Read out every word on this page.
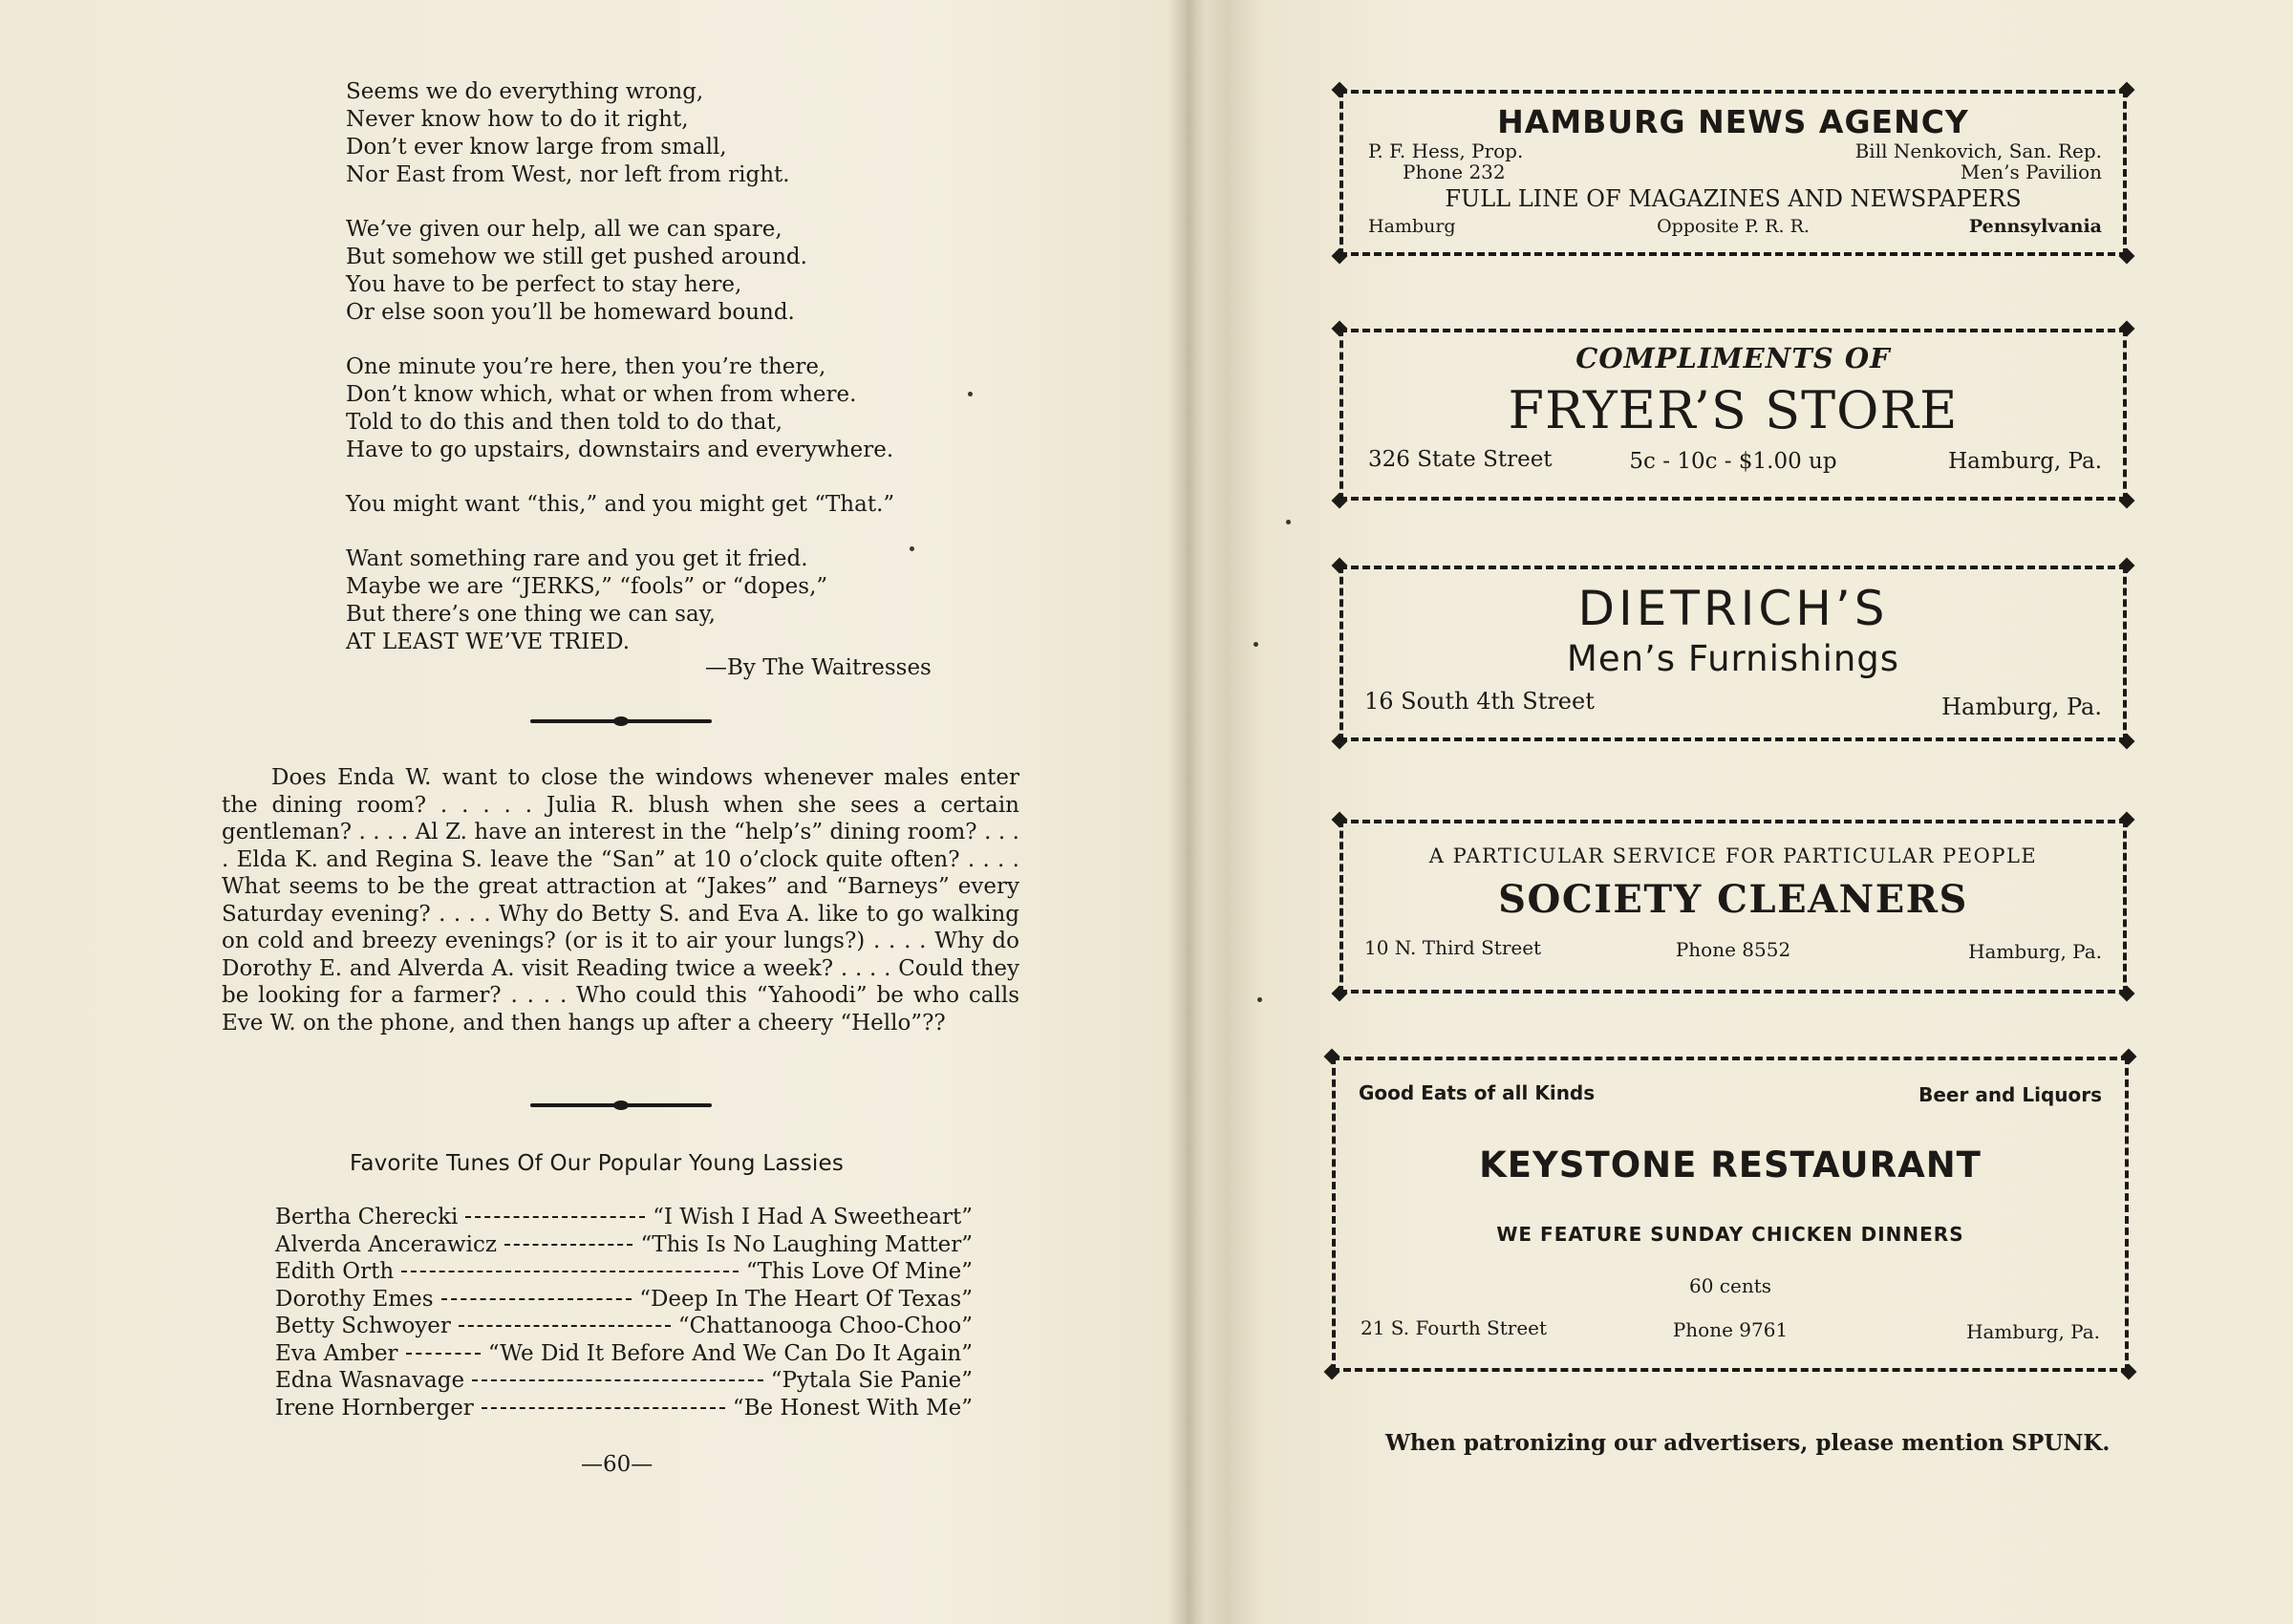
Seems we do everything wrong,
Never know how to do it right,
Don’t ever know large from small,
Nor East from West, nor left from right.
We’ve given our help, all we can spare,
But somehow we still get pushed around.
You have to be perfect to stay here,
Or else soon you’ll be homeward bound.
One minute you’re here, then you’re there,
Don’t know which, what or when from where.
Told to do this and then told to do that,
Have to go upstairs, downstairs and everywhere.
You might want “this,” and you might get “That.”
Want something rare and you get it fried.
Maybe we are “JERKS,” “fools” or “dopes,”
But there’s one thing we can say,
AT LEAST WE’VE TRIED.
—By The Waitresses
Does Enda W. want to close the windows whenever males enter the dining room? . . . . . Julia R. blush when she sees a certain gentleman? . . . . Al Z. have an interest in the “help’s” dining room? . . . . Elda K. and Regina S. leave the “San” at 10 o’clock quite often? . . . . What seems to be the great attraction at “Jakes” and “Barneys” every Saturday evening? . . . . Why do Betty S. and Eva A. like to go walking on cold and breezy evenings? (or is it to air your lungs?) . . . . Why do Dorothy E. and Alverda A. visit Reading twice a week? . . . . Could they be looking for a farmer? . . . . Who could this “Yahoodi” be who calls Eve W. on the phone, and then hangs up after a cheery “Hello”??
Favorite Tunes Of Our Popular Young Lassies
Bertha Cherecki	“I Wish I Had A Sweetheart”
Alverda Ancerawicz	“This Is No Laughing Matter”
Edith Orth	“This Love Of Mine”
Dorothy Emes	“Deep In The Heart Of Texas”
Betty Schwoyer	“Chattanooga Choo-Choo”
Eva Amber	“We Did It Before And We Can Do It Again”
Edna Wasnavage	“Pytala Sie Panie”
Irene Hornberger	“Be Honest With Me”
—60—
HAMBURG NEWS AGENCY
P. F. Hess, Prop.
Phone 232
Bill Nenkovich, San. Rep.
Men’s Pavilion
FULL LINE OF MAGAZINES AND NEWSPAPERS
Hamburg	Opposite P. R. R.	Pennsylvania
COMPLIMENTS OF
FRYER’S STORE
326 State Street	5c - 10c - $1.00 up	Hamburg, Pa.
DIETRICH’S
Men’s Furnishings
16 South 4th Street	Hamburg, Pa.
A PARTICULAR SERVICE FOR PARTICULAR PEOPLE
SOCIETY CLEANERS
10 N. Third Street	Phone 8552	Hamburg, Pa.
Good Eats of all Kinds	Beer and Liquors
KEYSTONE RESTAURANT
WE FEATURE SUNDAY CHICKEN DINNERS
60 cents
21 S. Fourth Street	Phone 9761	Hamburg, Pa.
When patronizing our advertisers, please mention SPUNK.
